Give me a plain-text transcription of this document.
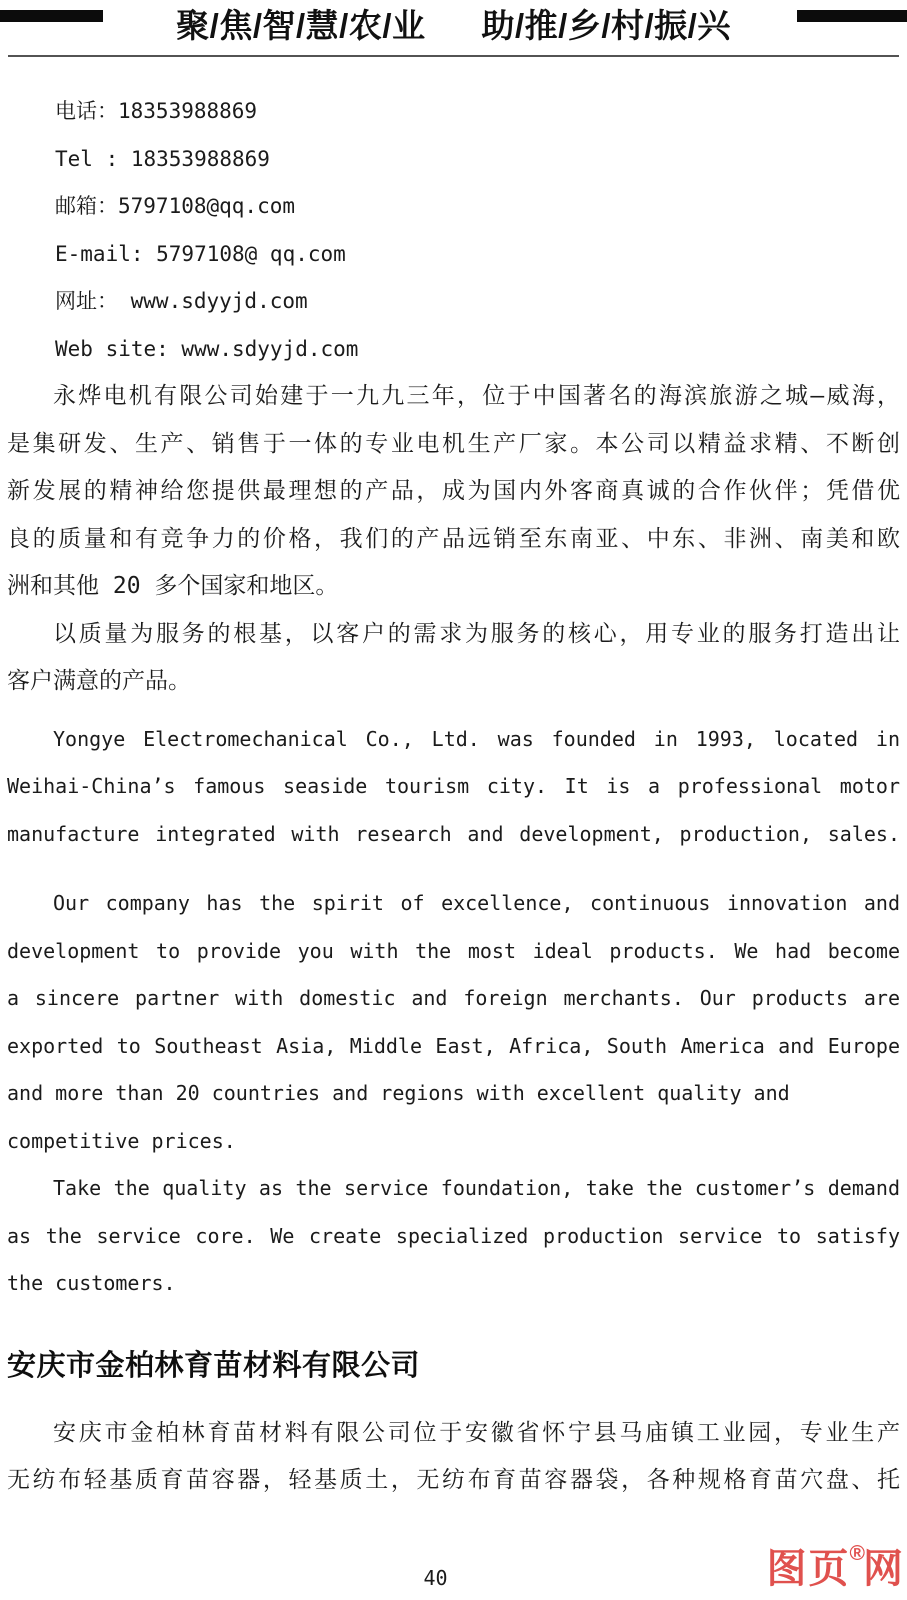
聚/焦/智/慧/农/业 助/推/乡/村/振/兴
电话：18353988869
Tel : 18353988869
邮箱：5797108@qq.com
E-mail: 5797108@ qq.com
网址： www.sdyyjd.com
Web site: www.sdyyjd.com
永烨电机有限公司始建于一九九三年，位于中国著名的海滨旅游之城—威海，
是集研发、生产、销售于一体的专业电机生产厂家。本公司以精益求精、不断创
新发展的精神给您提供最理想的产品，成为国内外客商真诚的合作伙伴；凭借优
良的质量和有竞争力的价格，我们的产品远销至东南亚、中东、非洲、南美和欧
洲和其他 20 多个国家和地区。
以质量为服务的根基，以客户的需求为服务的核心，用专业的服务打造出让
客户满意的产品。
Yongye Electromechanical Co., Ltd. was founded in 1993, located in
Weihai-China’s famous seaside tourism city. It is a professional motor
manufacture integrated with research and development, production, sales.
Our company has the spirit of excellence, continuous innovation and
development to provide you with the most ideal products. We had become
a sincere partner with domestic and foreign merchants. Our products are
exported to Southeast Asia, Middle East, Africa, South America and Europe
and more than 20 countries and regions with excellent quality and
competitive prices.
Take the quality as the service foundation, take the customer’s demand
as the service core. We create specialized production service to satisfy
the customers.
安庆市金柏林育苗材料有限公司
安庆市金柏林育苗材料有限公司位于安徽省怀宁县马庙镇工业园，专业生产
无纺布轻基质育苗容器，轻基质土，无纺布育苗容器袋，各种规格育苗穴盘、托
40	图页®网
